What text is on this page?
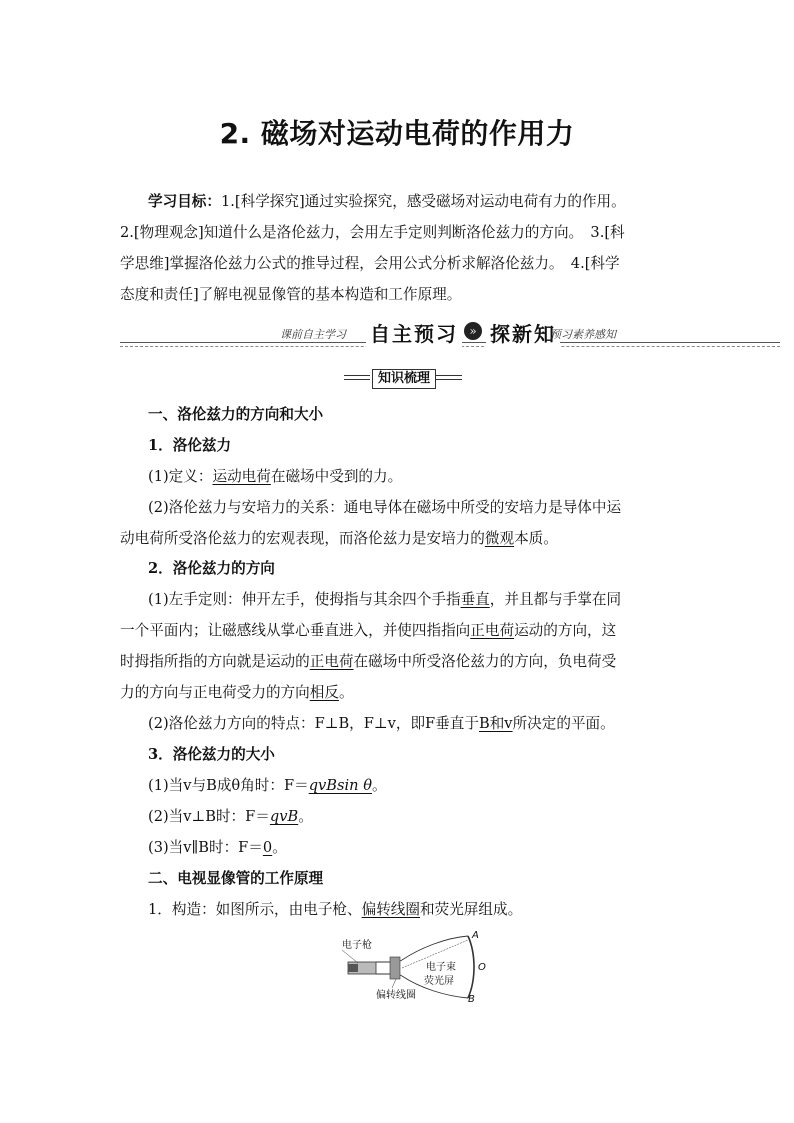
2. 磁场对运动电荷的作用力
学习目标：1.[科学探究]通过实验探究，感受磁场对运动电荷有力的作用。
2.[物理观念]知道什么是洛伦兹力，会用左手定则判断洛伦兹力的方向。　3.[科
学思维]掌握洛伦兹力公式的推导过程，会用公式分析求解洛伦兹力。　4.[科学
态度和责任]了解电视显像管的基本构造和工作原理。
课前自主学习 自主预习 » 探新知
预习素养感知
知识梳理
一、洛伦兹力的方向和大小
1．洛伦兹力
(1)定义：运动电荷在磁场中受到的力。
(2)洛伦兹力与安培力的关系：通电导体在磁场中所受的安培力是导体中运
动电荷所受洛伦兹力的宏观表现，而洛伦兹力是安培力的微观本质。
2．洛伦兹力的方向
(1)左手定则：伸开左手，使拇指与其余四个手指垂直，并且都与手掌在同
一个平面内；让磁感线从掌心垂直进入，并使四指指向正电荷运动的方向，这
时拇指所指的方向就是运动的正电荷在磁场中所受洛伦兹力的方向，负电荷受
力的方向与正电荷受力的方向相反。
(2)洛伦兹力方向的特点：F⊥B，F⊥v，即F垂直于B和v所决定的平面。
3．洛伦兹力的大小
(1)当v与B成θ角时：F＝qvBsin θ。
(2)当v⊥B时：F＝qvB。
(3)当v∥B时：F＝0。
二、电视显像管的工作原理
1．构造：如图所示，由电子枪、偏转线圈和荧光屏组成。
电子枪
电子束
荧光屏
偏转线圈
A
O
B
